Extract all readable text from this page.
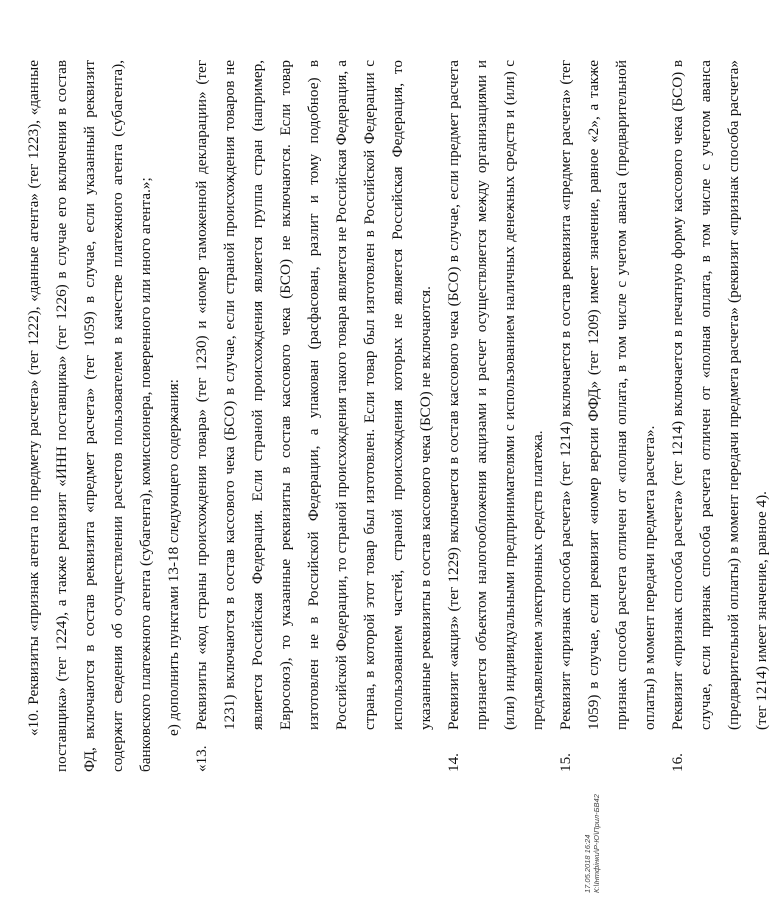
«10. Реквизиты «признак агента по предмету расчета» (тег 1222), «данные агента» (тег 1223), «данные поставщика» (тег 1224), а также реквизит «ИНН поставщика» (тег 1226) в случае его включения в состав ФД, включаются в состав реквизита «предмет расчета» (тег 1059) в случае, если указанный реквизит содержит сведения об осуществлении расчетов пользователем в качестве платежного агента (субагента), банковского платежного агента (субагента), комиссионера, поверенного или иного агента.»; е) дополнить пунктами 13-18 следующего содержания:
«13.
Реквизиты «код страны происхождения товара» (тег 1230) и «номер таможенной декларации» (тег 1231) включаются в состав кассового чека (БСО) в случае, если страной происхождения товаров не является Российская Федерация. Если страной происхождения является группа стран (например, Евросоюз), то указанные реквизиты в состав кассового чека (БСО) не включаются. Если товар изготовлен не в Российской Федерации, а упакован (расфасован, разлит и тому подобное) в Российской Федерации, то страной происхождения такого товара является не Российская Федерация, а страна, в которой этот товар был изготовлен. Если товар был изготовлен в Российской Федерации с использованием частей, страной происхождения которых не является Российская Федерация, то указанные реквизиты в состав кассового чека (БСО) не включаются.
14.
Реквизит «акциз» (тег 1229) включается в состав кассового чека (БСО) в случае, если предмет расчета признается объектом налогообложения акцизами и расчет осуществляется между организациями и (или) индивидуальными предпринимателями с использованием наличных денежных средств и (или) с предъявлением электронных средств платежа.
15.
Реквизит «признак способа расчета» (тег 1214) включается в состав реквизита «предмет расчета» (тег 1059) в случае, если реквизит «номер версии ФФД» (тег 1209) имеет значение, равное «2», а также признак способа расчета отличен от «полная оплата, в том числе с учетом аванса (предварительной оплаты) в момент передачи предмета расчета».
16.
Реквизит «признак способа расчета» (тег 1214) включается в печатную форму кассового чека (БСО) в случае, если признак способа расчета отличен от «полная оплата, в том числе с учетом аванса (предварительной оплаты) в момент передачи предмета расчета» (реквизит «признак способа расчета» (тег 1214) имеет значение, равное 4).
17.05.2018 16:24 К:\Інтфінки\Р-Ю\Прил-БВ42
